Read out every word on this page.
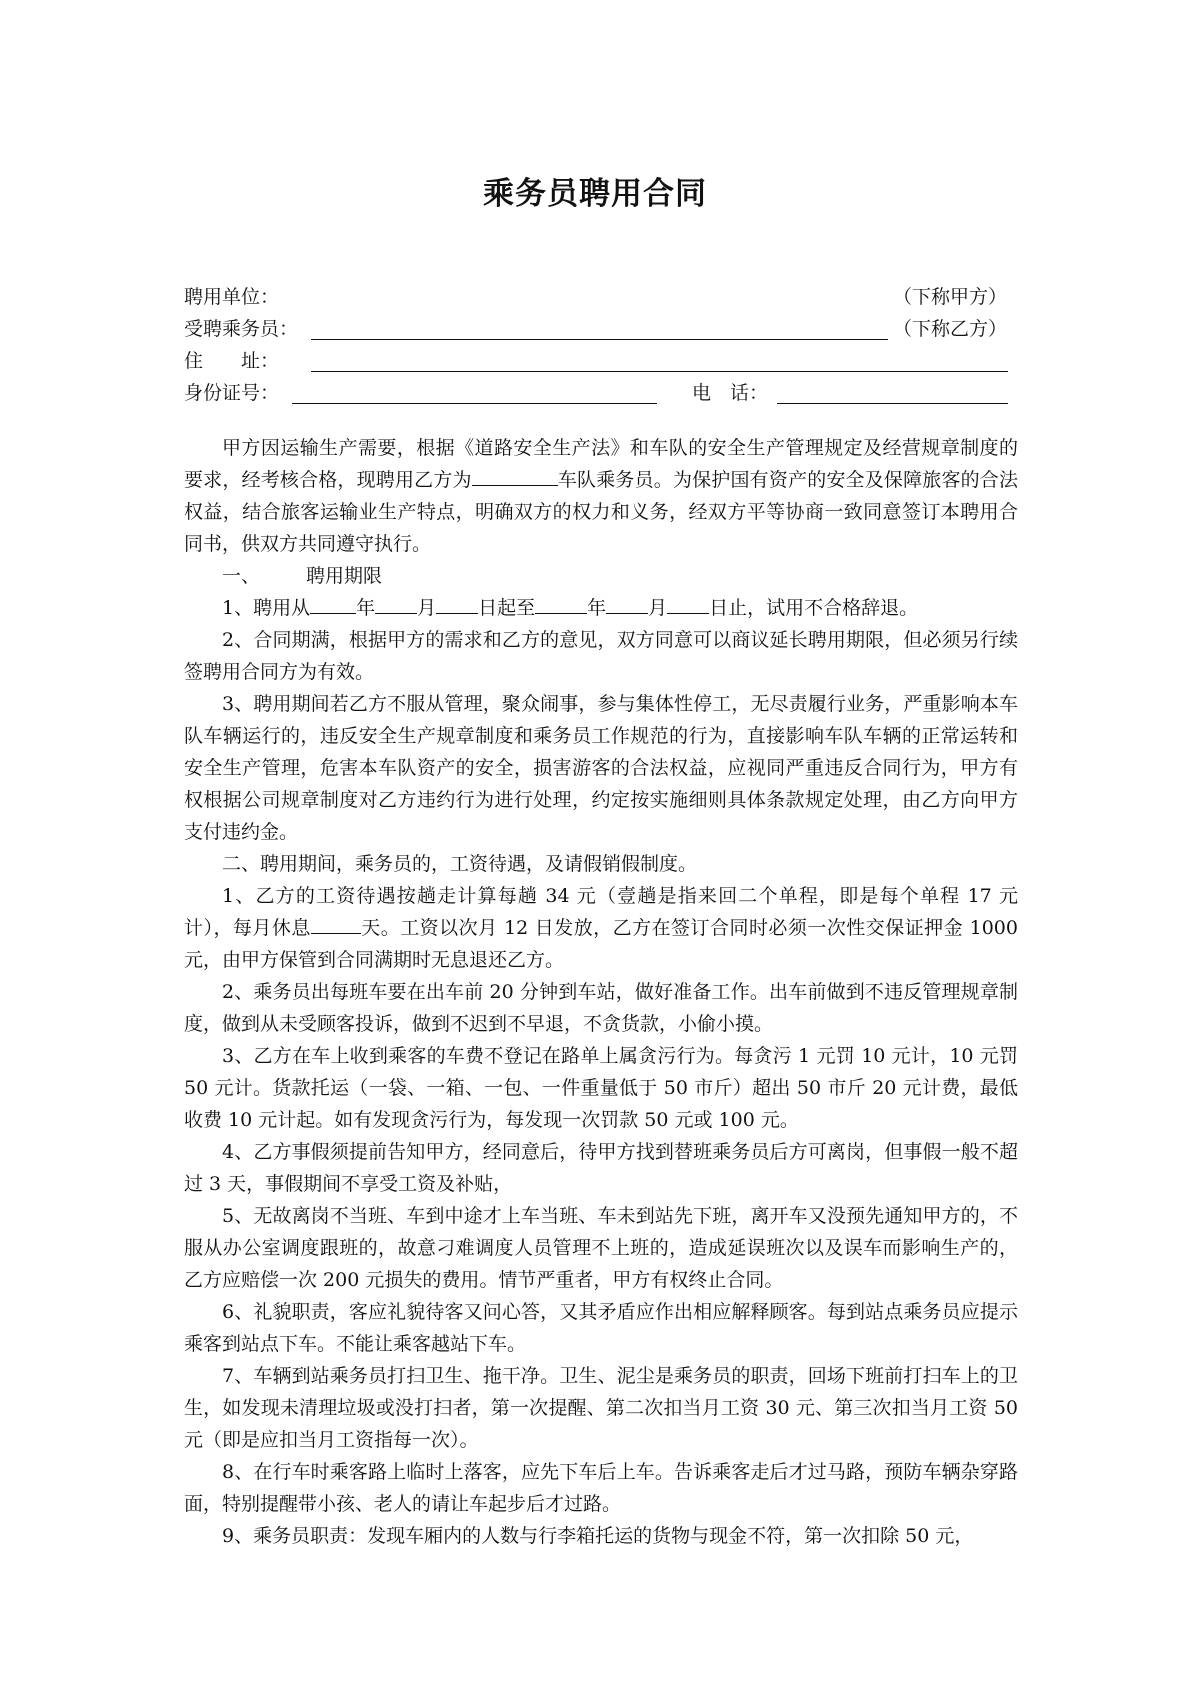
乘务员聘用合同
聘用单位：	（下称甲方）
受聘乘务员：	（下称乙方）
住　　址：
身份证号：	电　话：

甲方因运输生产需要，根据《道路安全生产法》和车队的安全生产管理规定及经营规章制度的要求，经考核合格，现聘用乙方为	车队乘务员。为保护国有资产的安全及保障旅客的合法权益，结合旅客运输业生产特点，明确双方的权力和义务，经双方平等协商一致同意签订本聘用合同书，供双方共同遵守执行。

一、 聘用期限

1、聘用从 年 月 日起至	年 月 日止，试用不合格辞退。

2、合同期满，根据甲方的需求和乙方的意见，双方同意可以商议延长聘用期限，但必须另行续签聘用合同方为有效。

3、聘用期间若乙方不服从管理，聚众闹事，参与集体性停工，无尽责履行业务，严重影响本车队车辆运行的，违反安全生产规章制度和乘务员工作规范的行为，直接影响车队车辆的正常运转和安全生产管理，危害本车队资产的安全，损害游客的合法权益，应视同严重违反合同行为，甲方有权根据公司规章制度对乙方违约行为进行处理，约定按实施细则具体条款规定处理，由乙方向甲方支付违约金。

二、聘用期间，乘务员的，工资待遇，及请假销假制度。

1、乙方的工资待遇按趟走计算每趟 34 元（壹趟是指来回二个单程，即是每个单程 17 元计），每月休息	天。工资以次月 12 日发放，乙方在签订合同时必须一次性交保证押金 1000 元，由甲方保管到合同满期时无息退还乙方。

2、乘务员出每班车要在出车前 20 分钟到车站，做好准备工作。出车前做到不违反管理规章制度，做到从未受顾客投诉，做到不迟到不早退，不贪货款，小偷小摸。

3、乙方在车上收到乘客的车费不登记在路单上属贪污行为。每贪污 1 元罚 10 元计，10 元罚 50 元计。货款托运（一袋、一箱、一包、一件重量低于 50 市斤）超出 50 市斤 20 元计费，最低收费 10 元计起。如有发现贪污行为，每发现一次罚款 50 元或 100 元。

4、乙方事假须提前告知甲方，经同意后，待甲方找到替班乘务员后方可离岗，但事假一般不超过 3 天，事假期间不享受工资及补贴，

5、无故离岗不当班、车到中途才上车当班、车未到站先下班，离开车又没预先通知甲方的，不服从办公室调度跟班的，故意刁难调度人员管理不上班的，造成延误班次以及误车而影响生产的，乙方应赔偿一次 200 元损失的费用。情节严重者，甲方有权终止合同。

6、礼貌职责，客应礼貌待客又问心答，又其矛盾应作出相应解释顾客。每到站点乘务员应提示乘客到站点下车。不能让乘客越站下车。

7、车辆到站乘务员打扫卫生、拖干净。卫生、泥尘是乘务员的职责，回场下班前打扫车上的卫生，如发现未清理垃圾或没打扫者，第一次提醒、第二次扣当月工资 30 元、第三次扣当月工资 50 元（即是应扣当月工资指每一次）。

8、在行车时乘客路上临时上落客，应先下车后上车。告诉乘客走后才过马路，预防车辆杂穿路面，特别提醒带小孩、老人的请让车起步后才过路。

9、乘务员职责：发现车厢内的人数与行李箱托运的货物与现金不符，第一次扣除 50 元，
